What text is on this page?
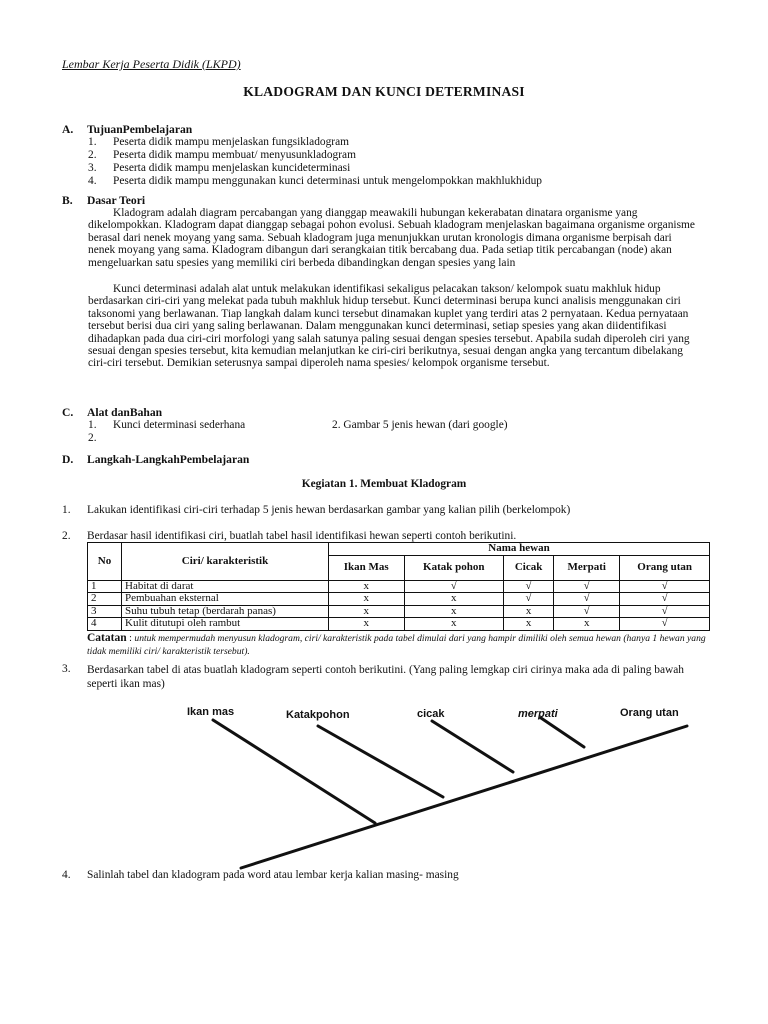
Lembar Kerja Peserta Didik (LKPD)
KLADOGRAM DAN KUNCI DETERMINASI
A. TujuanPembelajaran
1. Peserta didik mampu menjelaskan fungsikladogram
2. Peserta didik mampu membuat/ menyusunkladogram
3. Peserta didik mampu menjelaskan kuncideterminasi
4. Peserta didik mampu menggunakan kunci determinasi untuk mengelompokkan makhlukhidup
B. Dasar Teori
Kladogram adalah diagram percabangan yang dianggap meawakili hubungan kekerabatan dinatara organisme yang dikelompokkan. Kladogram dapat dianggap sebagai pohon evolusi. Sebuah kladogram menjelaskan bagaimana organisme organisme berasal dari nenek moyang yang sama. Sebuah kladogram juga menunjukkan urutan kronologis dimana organisme berpisah dari nenek moyang yang sama. Kladogram dibangun dari serangkaian titik bercabang dua. Pada setiap titik percabangan (node) akan mengeluarkan satu spesies yang memiliki ciri berbeda dibandingkan dengan spesies yang lain
Kunci determinasi adalah alat untuk melakukan identifikasi sekaligus pelacakan takson/ kelompok suatu makhluk hidup berdasarkan ciri-ciri yang melekat pada tubuh makhluk hidup tersebut. Kunci determinasi berupa kunci analisis menggunakan ciri taksonomi yang berlawanan. Tiap langkah dalam kunci tersebut dinamakan kuplet yang terdiri atas 2 pernyataan. Kedua pernyataan tersebut berisi dua ciri yang saling berlawanan. Dalam menggunakan kunci determinasi, setiap spesies yang akan diidentifikasi dihadapkan pada dua ciri-ciri morfologi yang salah satunya paling sesuai dengan spesies tersebut. Apabila sudah diperoleh ciri yang sesuai dengan spesies tersebut, kita kemudian melanjutkan ke ciri-ciri berikutnya, sesuai dengan angka yang tercantum dibelakang ciri-ciri tersebut. Demikian seterusnya sampai diperoleh nama spesies/ kelompok organisme tersebut.
C. Alat danBahan
1. Kunci determinasi sederhana	2. Gambar 5 jenis hewan (dari google)
2.
D. Langkah-LangkahPembelajaran
Kegiatan 1. Membuat Kladogram
1. Lakukan identifikasi ciri-ciri terhadap 5 jenis hewan berdasarkan gambar yang kalian pilih (berkelompok)
2. Berdasar hasil identifikasi ciri, buatlah tabel hasil identifikasi hewan seperti contoh berikutini.
No	Ciri/ karakteristik	Nama hewan				
		Ikan Mas	Katak pohon	Cicak	Merpati	Orang utan
1	Habitat di darat	x	√	√	√	√
2	Pembuahan eksternal	x	x	√	√	√
3	Suhu tubuh tetap (berdarah panas)	x	x	x	√	√
4	Kulit ditutupi oleh rambut	x	x	x	x	√
Catatan : untuk mempermudah menyusun kladogram, ciri/ karakteristik pada tabel dimulai dari yang hampir dimiliki oleh semua hewan (hanya 1 hewan yang tidak memiliki ciri/ karakteristik tersebut).
3. Berdasarkan tabel di atas buatlah kladogram seperti contoh berikutini. (Yang paling lemgkap ciri cirinya maka ada di paling bawah seperti ikan mas)
Ikan mas	Katakpohon	cicak	merpati	Orang utan
4. Salinlah tabel dan kladogram pada word atau lembar kerja kalian masing- masing
